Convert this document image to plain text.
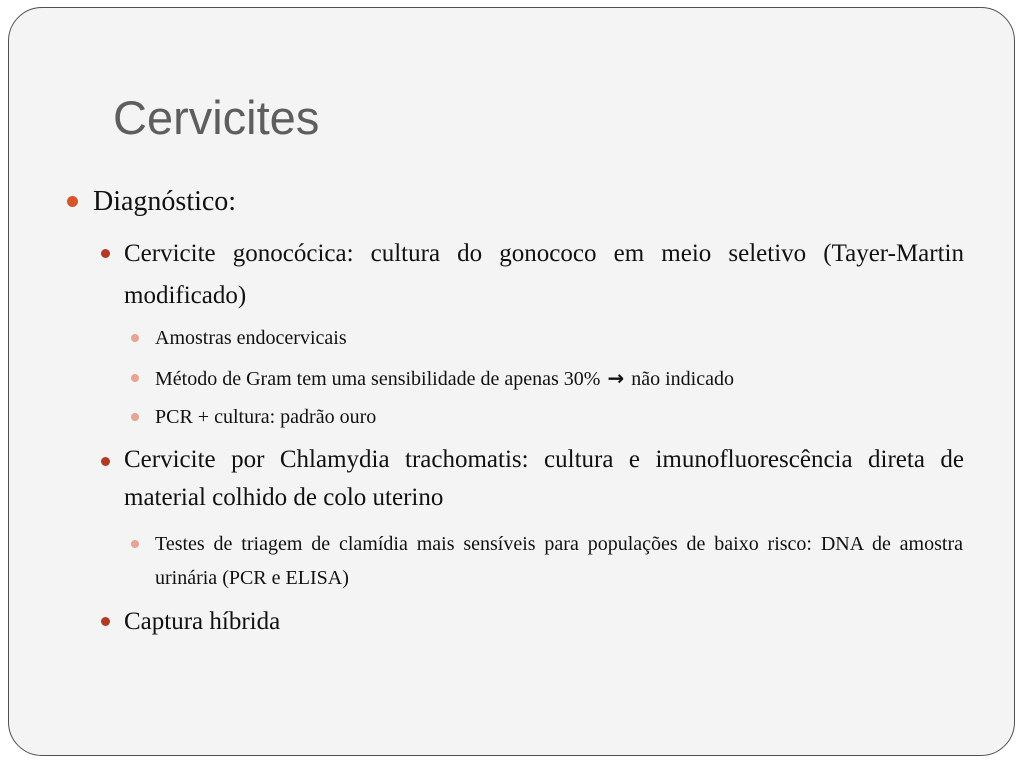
Cervicites
Diagnóstico:
Cervicite gonocócica: cultura do gonococo em meio seletivo (Tayer-Martin modificado)
Amostras endocervicais
Método de Gram tem uma sensibilidade de apenas 30% → não indicado
PCR + cultura: padrão ouro
Cervicite por Chlamydia trachomatis: cultura e imunofluorescência direta de material colhido de colo uterino
Testes de triagem de clamídia mais sensíveis para populações de baixo risco: DNA de amostra urinária (PCR e ELISA)
Captura híbrida
